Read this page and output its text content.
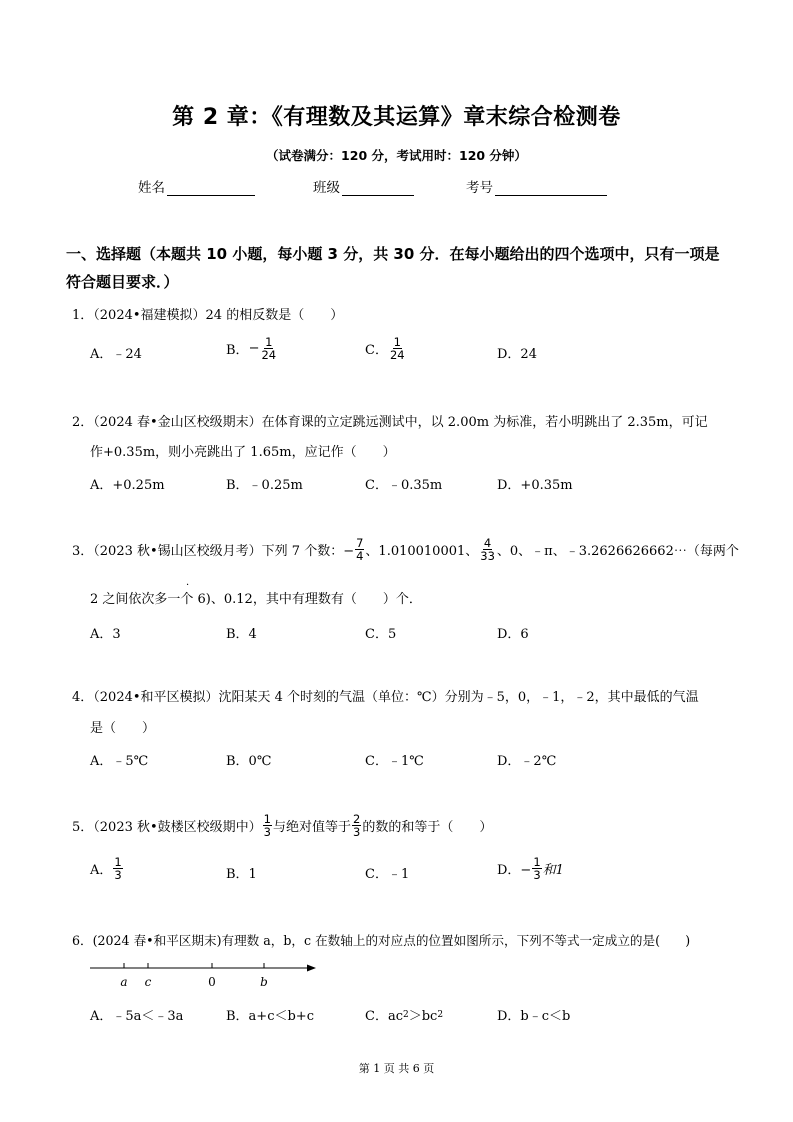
第 2 章：《有理数及其运算》章末综合检测卷
（试卷满分：120 分，考试用时：120 分钟）
姓名	班级	考号
一、选择题（本题共 10 小题，每小题 3 分，共 30 分．在每小题给出的四个选项中，只有一项是符合题目要求．）
1．（2024•福建模拟）24 的相反数是（　　）
A．﹣24	B． − $\frac{1}{24}$	C． $\frac{1}{24}$	D．24
2．（2024 春•金山区校级期末）在体育课的立定跳远测试中，以 2.00m 为标准，若小明跳出了 2.35m，可记
作+0.35m，则小亮跳出了 1.65m，应记作（　　）
A．+0.25m	B．﹣0.25m	C．﹣0.35m	D．+0.35m
3．（2023 秋•锡山区校级月考）下列 7 个数：− $\frac{7}{4}$ 、1.010010001、 $\frac{4}{33}$ 、0、﹣π、﹣3.2626626662⋯（每两个
2 之间依次多一个 6)、0.12，其中有理数有（　　）个．
·
A．3	B．4	C．5	D．6
4．（2024•和平区模拟）沈阳某天 4 个时刻的气温（单位：℃）分别为﹣5，0，﹣1，﹣2，其中最低的气温
是（　　）
A．﹣5℃	B．0℃	C．﹣1℃	D．﹣2℃
5．（2023 秋•鼓楼区校级期中） $\frac{1}{3}$ 与绝对值等于 $\frac{2}{3}$ 的数的和等于（　　）
A． $\frac{1}{3}$	B．1	C．﹣1	D．− $\frac{1}{3}$ 和1
6．(2024 春•和平区期末)有理数 a，b，c 在数轴上的对应点的位置如图所示，下列不等式一定成立的是(　　)
a c	0	b
A．﹣5a＜﹣3a	B．a+c＜b+c	C．ac 2 ＞bc 2	D．b﹣c＜b
第 1 页 共 6 页
